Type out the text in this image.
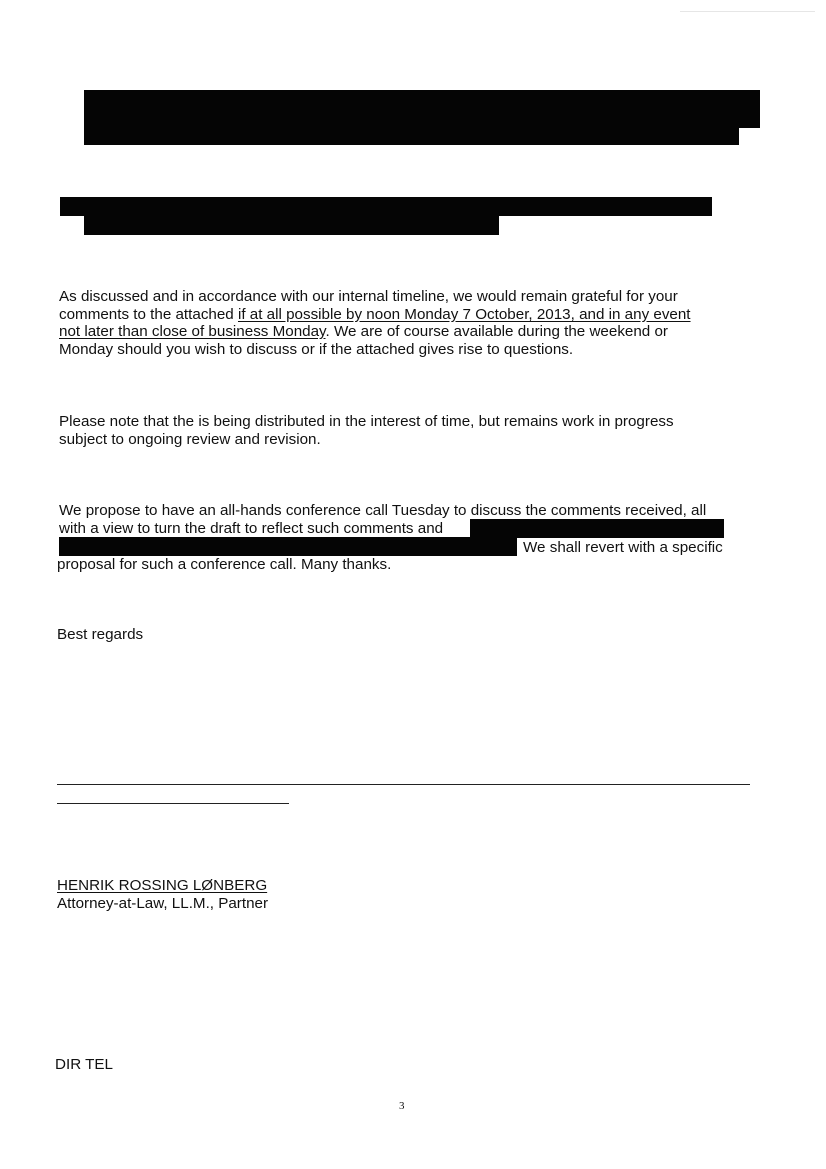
As discussed and in accordance with our internal timeline, we would remain grateful for your
comments to the attached if at all possible by noon Monday 7 October, 2013, and in any event
not later than close of business Monday. We are of course available during the weekend or
Monday should you wish to discuss or if the attached gives rise to questions.
Please note that the is being distributed in the interest of time, but remains work in progress
subject to ongoing review and revision.
We propose to have an all-hands conference call Tuesday to discuss the comments received, all
with a view to turn the draft to reflect such comments and
We shall revert with a specific
proposal for such a conference call. Many thanks.
Best regards
HENRIK ROSSING LØNBERG
Attorney-at-Law, LL.M., Partner
DIR TEL
3
